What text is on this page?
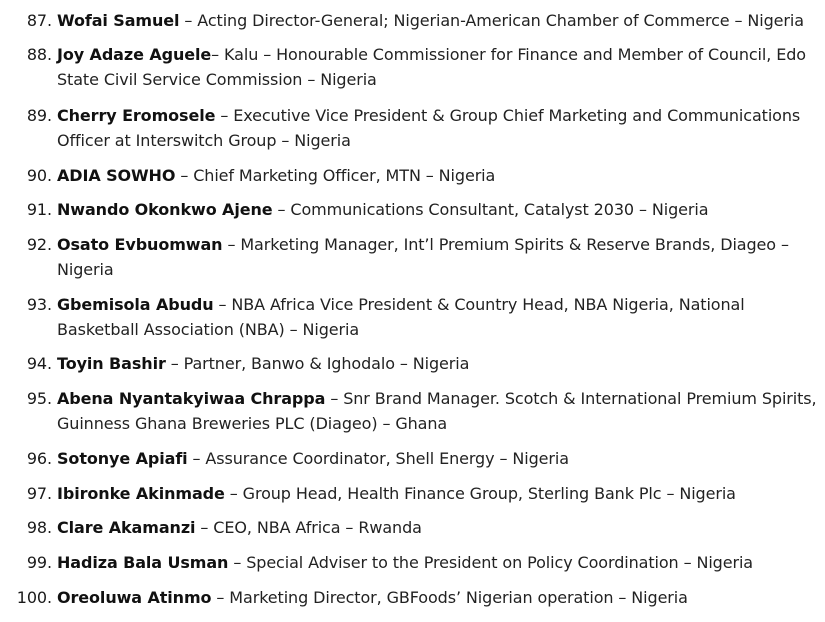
87. Wofai Samuel – Acting Director-General; Nigerian-American Chamber of Commerce – Nigeria
88. Joy Adaze Aguele– Kalu – Honourable Commissioner for Finance and Member of Council, Edo State Civil Service Commission – Nigeria
89. Cherry Eromosele – Executive Vice President & Group Chief Marketing and Communications Officer at Interswitch Group – Nigeria
90. ADIA SOWHO – Chief Marketing Officer, MTN – Nigeria
91. Nwando Okonkwo Ajene – Communications Consultant, Catalyst 2030 – Nigeria
92. Osato Evbuomwan – Marketing Manager, Int’l Premium Spirits & Reserve Brands, Diageo – Nigeria
93. Gbemisola Abudu – NBA Africa Vice President & Country Head, NBA Nigeria, National Basketball Association (NBA) – Nigeria
94. Toyin Bashir – Partner, Banwo & Ighodalo – Nigeria
95. Abena Nyantakyiwaa Chrappa – Snr Brand Manager. Scotch & International Premium Spirits, Guinness Ghana Breweries PLC (Diageo) – Ghana
96. Sotonye Apiafi – Assurance Coordinator, Shell Energy – Nigeria
97. Ibironke Akinmade – Group Head, Health Finance Group, Sterling Bank Plc – Nigeria
98. Clare Akamanzi – CEO, NBA Africa – Rwanda
99. Hadiza Bala Usman – Special Adviser to the President on Policy Coordination – Nigeria
100. Oreoluwa Atinmo – Marketing Director, GBFoods’ Nigerian operation – Nigeria
